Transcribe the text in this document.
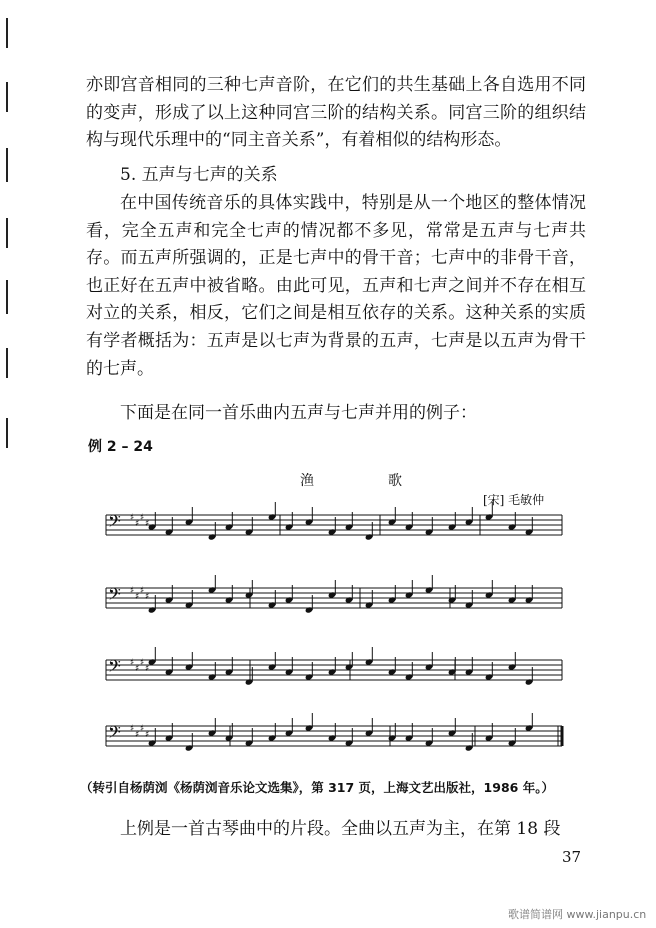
亦即宫音相同的三种七声音阶，在它们的共生基础上各自选用不同的变声，形成了以上这种同宫三阶的结构关系。同宫三阶的组织结构与现代乐理中的“同主音关系”，有着相似的结构形态。

5. 五声与七声的关系

在中国传统音乐的具体实践中，特别是从一个地区的整体情况看，完全五声和完全七声的情况都不多见，常常是五声与七声共存。而五声所强调的，正是七声中的骨干音；七声中的非骨干音，也正好在五声中被省略。由此可见，五声和七声之间并不存在相互对立的关系，相反，它们之间是相互依存的关系。这种关系的实质有学者概括为：五声是以七声为背景的五声，七声是以五声为骨干的七声。

下面是在同一首乐曲内五声与七声并用的例子：

例 2 – 24
渔　歌
[宋] 毛敏仲
𝄢 ♯
♯
♯
♯
𝄢 ♯
♯
♯
♯
𝄢 ♯
♯
♯
♯
𝄢 ♯
♯
♯
♯
（转引自杨荫浏《杨荫浏音乐论文选集》，第 317 页，上海文艺出版社，1986 年。）

上例是一首古琴曲中的片段。全曲以五声为主，在第 18 段

37
歌谱简谱网 www.jianpu.cn
